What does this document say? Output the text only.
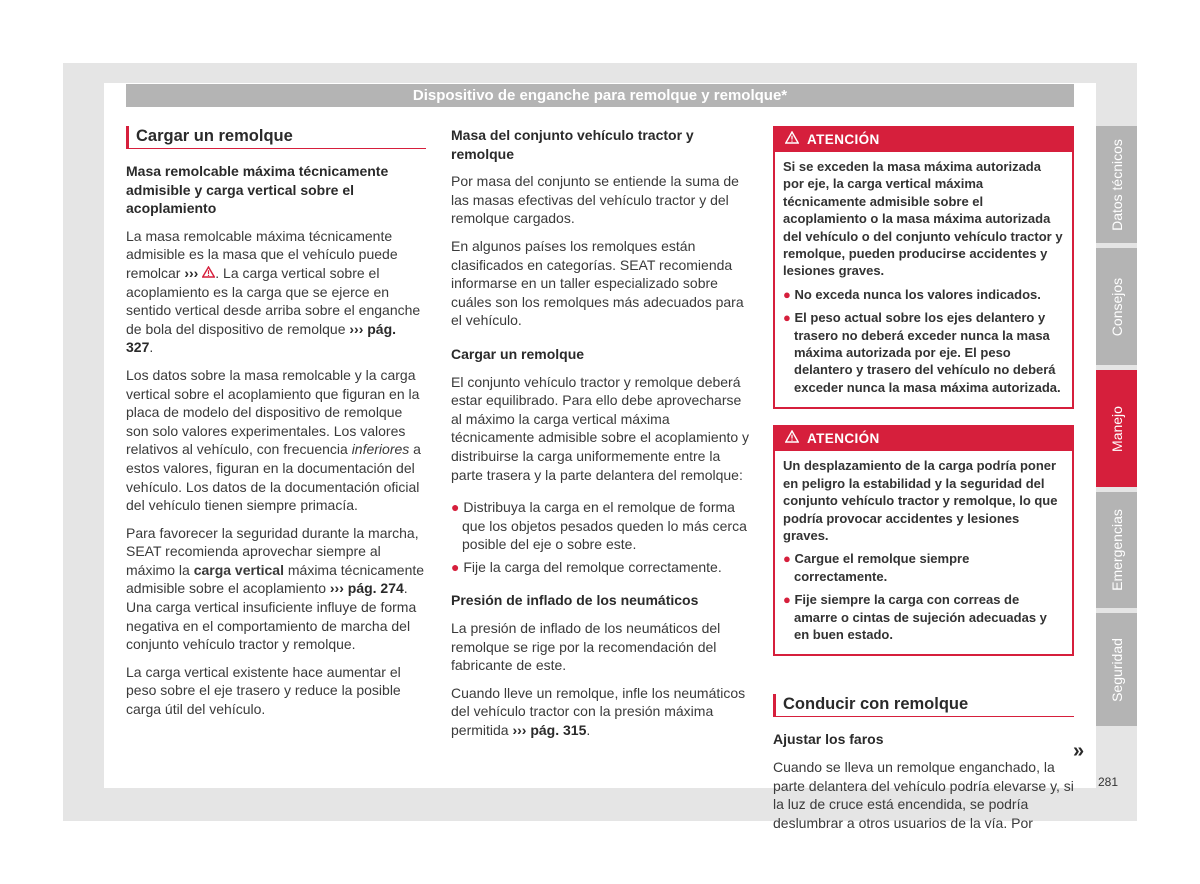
Dispositivo de enganche para remolque y remolque*
Cargar un remolque

Masa remolcable máxima técnicamente admisible y carga vertical sobre el acoplamiento

La masa remolcable máxima técnicamente admisible es la masa que el vehículo puede remolcar ››› . La carga vertical sobre el acoplamiento es la carga que se ejerce en sentido vertical desde arriba sobre el enganche de bola del dispositivo de remolque ››› pág. 327.

Los datos sobre la masa remolcable y la carga vertical sobre el acoplamiento que figuran en la placa de modelo del dispositivo de remolque son solo valores experimentales. Los valores relativos al vehículo, con frecuencia inferiores a estos valores, figuran en la documentación del vehículo. Los datos de la documentación oficial del vehículo tienen siempre primacía.

Para favorecer la seguridad durante la marcha, SEAT recomienda aprovechar siempre al máximo la carga vertical máxima técnicamente admisible sobre el acoplamiento ››› pág. 274. Una carga vertical insuficiente influye de forma negativa en el comportamiento de marcha del conjunto vehículo tractor y remolque.

La carga vertical existente hace aumentar el peso sobre el eje trasero y reduce la posible carga útil del vehículo.

Masa del conjunto vehículo tractor y remolque

Por masa del conjunto se entiende la suma de las masas efectivas del vehículo tractor y del remolque cargados.

En algunos países los remolques están clasificados en categorías. SEAT recomienda informarse en un taller especializado sobre cuáles son los remolques más adecuados para el vehículo.

Cargar un remolque

El conjunto vehículo tractor y remolque deberá estar equilibrado. Para ello debe aprovecharse al máximo la carga vertical máxima técnicamente admisible sobre el acoplamiento y distribuirse la carga uniformemente entre la parte trasera y la parte delantera del remolque:

● Distribuya la carga en el remolque de forma que los objetos pesados queden lo más cerca posible del eje o sobre este.

● Fije la carga del remolque correctamente.

Presión de inflado de los neumáticos

La presión de inflado de los neumáticos del remolque se rige por la recomendación del fabricante de este.

Cuando lleve un remolque, infle los neumáticos del vehículo tractor con la presión máxima permitida ››› pág. 315.

ATENCIÓN

Si se exceden la masa máxima autorizada por eje, la carga vertical máxima técnicamente admisible sobre el acoplamiento o la masa máxima autorizada del vehículo o del conjunto vehículo tractor y remolque, pueden producirse accidentes y lesiones graves.

● No exceda nunca los valores indicados.

● El peso actual sobre los ejes delantero y trasero no deberá exceder nunca la masa máxima autorizada por eje. El peso delantero y trasero del vehículo no deberá exceder nunca la masa máxima autorizada.

ATENCIÓN

Un desplazamiento de la carga podría poner en peligro la estabilidad y la seguridad del conjunto vehículo tractor y remolque, lo que podría provocar accidentes y lesiones graves.

● Cargue el remolque siempre correctamente.

● Fije siempre la carga con correas de amarre o cintas de sujeción adecuadas y en buen estado.

Conducir con remolque

Ajustar los faros

Cuando se lleva un remolque enganchado, la parte delantera del vehículo podría elevarse y, si la luz de cruce está encendida, se podría deslumbrar a otros usuarios de la vía. Por

»
Datos técnicos
Consejos
Manejo
Emergencias
Seguridad
281
